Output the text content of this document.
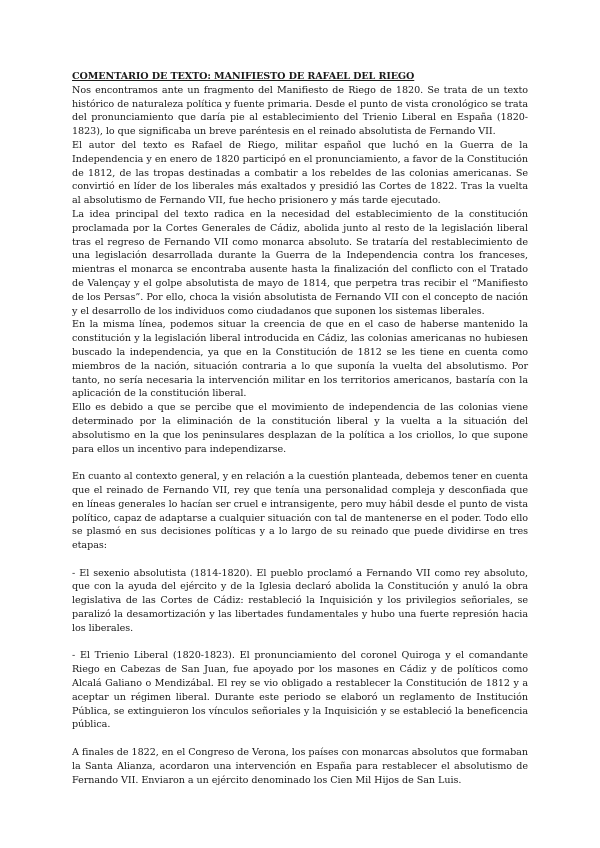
COMENTARIO DE TEXTO: MANIFIESTO DE RAFAEL DEL RIEGO

Nos encontramos ante un fragmento del Manifiesto de Riego de 1820. Se trata de un texto histórico de naturaleza política y fuente primaria. Desde el punto de vista cronológico se trata del pronunciamiento que daría pie al establecimiento del Trienio Liberal en España (1820-1823), lo que significaba un breve paréntesis en el reinado absolutista de Fernando VII.

El autor del texto es Rafael de Riego, militar español que luchó en la Guerra de la Independencia y en enero de 1820 participó en el pronunciamiento, a favor de la Constitución de 1812, de las tropas destinadas a combatir a los rebeldes de las colonias americanas. Se convirtió en líder de los liberales más exaltados y presidió las Cortes de 1822. Tras la vuelta al absolutismo de Fernando VII, fue hecho prisionero y más tarde ejecutado.

La idea principal del texto radica en la necesidad del establecimiento de la constitución proclamada por la Cortes Generales de Cádiz, abolida junto al resto de la legislación liberal tras el regreso de Fernando VII como monarca absoluto. Se trataría del restablecimiento de una legislación desarrollada durante la Guerra de la Independencia contra los franceses, mientras el monarca se encontraba ausente hasta la finalización del conflicto con el Tratado de Valençay y el golpe absolutista de mayo de 1814, que perpetra tras recibir el “Manifiesto de los Persas”. Por ello, choca la visión absolutista de Fernando VII con el concepto de nación y el desarrollo de los individuos como ciudadanos que suponen los sistemas liberales.

En la misma línea, podemos situar la creencia de que en el caso de haberse mantenido la constitución y la legislación liberal introducida en Cádiz, las colonias americanas no hubiesen buscado la independencia, ya que en la Constitución de 1812 se les tiene en cuenta como miembros de la nación, situación contraria a lo que suponía la vuelta del absolutismo. Por tanto, no sería necesaria la intervención militar en los territorios americanos, bastaría con la aplicación de la constitución liberal.

Ello es debido a que se percibe que el movimiento de independencia de las colonias viene determinado por la eliminación de la constitución liberal y la vuelta a la situación del absolutismo en la que los peninsulares desplazan de la política a los criollos, lo que supone para ellos un incentivo para independizarse.

En cuanto al contexto general, y en relación a la cuestión planteada, debemos tener en cuenta que el reinado de Fernando VII, rey que tenía una personalidad compleja y desconfiada que en líneas generales lo hacían ser cruel e intransigente, pero muy hábil desde el punto de vista político, capaz de adaptarse a cualquier situación con tal de mantenerse en el poder. Todo ello se plasmó en sus decisiones políticas y a lo largo de su reinado que puede dividirse en tres etapas:

- El sexenio absolutista (1814-1820). El pueblo proclamó a Fernando VII como rey absoluto, que con la ayuda del ejército y de la Iglesia declaró abolida la Constitución y anuló la obra legislativa de las Cortes de Cádiz: restableció la Inquisición y los privilegios señoriales, se paralizó la desamortización y las libertades fundamentales y hubo una fuerte represión hacia los liberales.

- El Trienio Liberal (1820-1823). El pronunciamiento del coronel Quiroga y el comandante Riego en Cabezas de San Juan, fue apoyado por los masones en Cádiz y de políticos como Alcalá Galiano o Mendizábal. El rey se vio obligado a restablecer la Constitución de 1812 y a aceptar un régimen liberal. Durante este periodo se elaboró un reglamento de Institución Pública, se extinguieron los vínculos señoriales y la Inquisición y se estableció la beneficencia pública.

A finales de 1822, en el Congreso de Verona, los países con monarcas absolutos que formaban la Santa Alianza, acordaron una intervención en España para restablecer el absolutismo de Fernando VII. Enviaron a un ejército denominado los Cien Mil Hijos de San Luis.
